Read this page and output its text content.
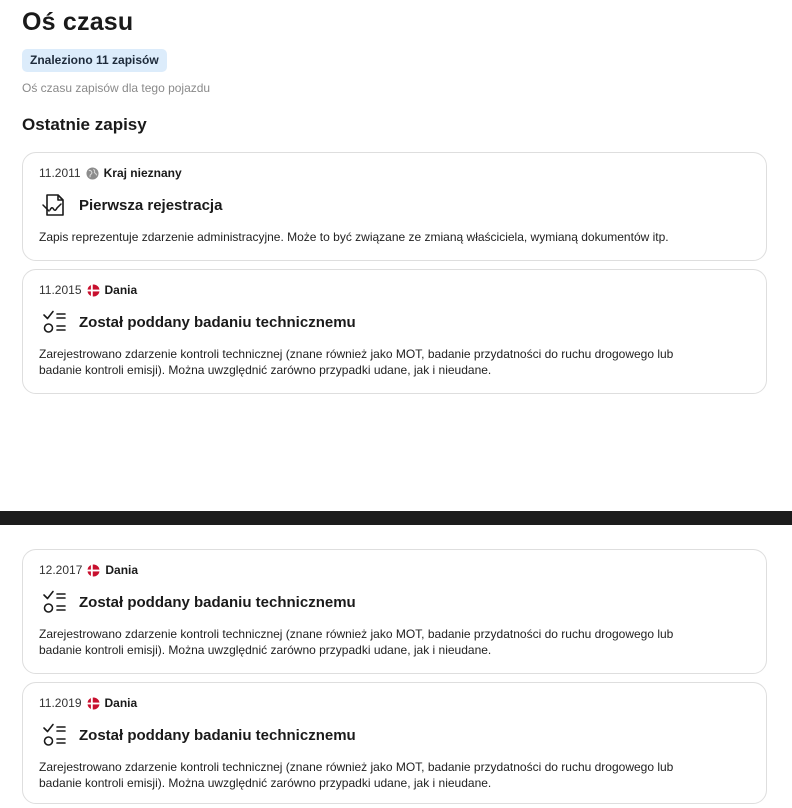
Oś czasu
Znaleziono 11 zapisów
Oś czasu zapisów dla tego pojazdu
Ostatnie zapisy
11.2011 Kraj nieznany
Pierwsza rejestracja
Zapis reprezentuje zdarzenie administracyjne. Może to być związane ze zmianą właściciela, wymianą dokumentów itp.
11.2015 Dania
Został poddany badaniu technicznemu
Zarejestrowano zdarzenie kontroli technicznej (znane również jako MOT, badanie przydatności do ruchu drogowego lub
badanie kontroli emisji). Można uwzględnić zarówno przypadki udane, jak i nieudane.
12.2017 Dania
Został poddany badaniu technicznemu
Zarejestrowano zdarzenie kontroli technicznej (znane również jako MOT, badanie przydatności do ruchu drogowego lub
badanie kontroli emisji). Można uwzględnić zarówno przypadki udane, jak i nieudane.
11.2019 Dania
Został poddany badaniu technicznemu
Zarejestrowano zdarzenie kontroli technicznej (znane również jako MOT, badanie przydatności do ruchu drogowego lub
badanie kontroli emisji). Można uwzględnić zarówno przypadki udane, jak i nieudane.
